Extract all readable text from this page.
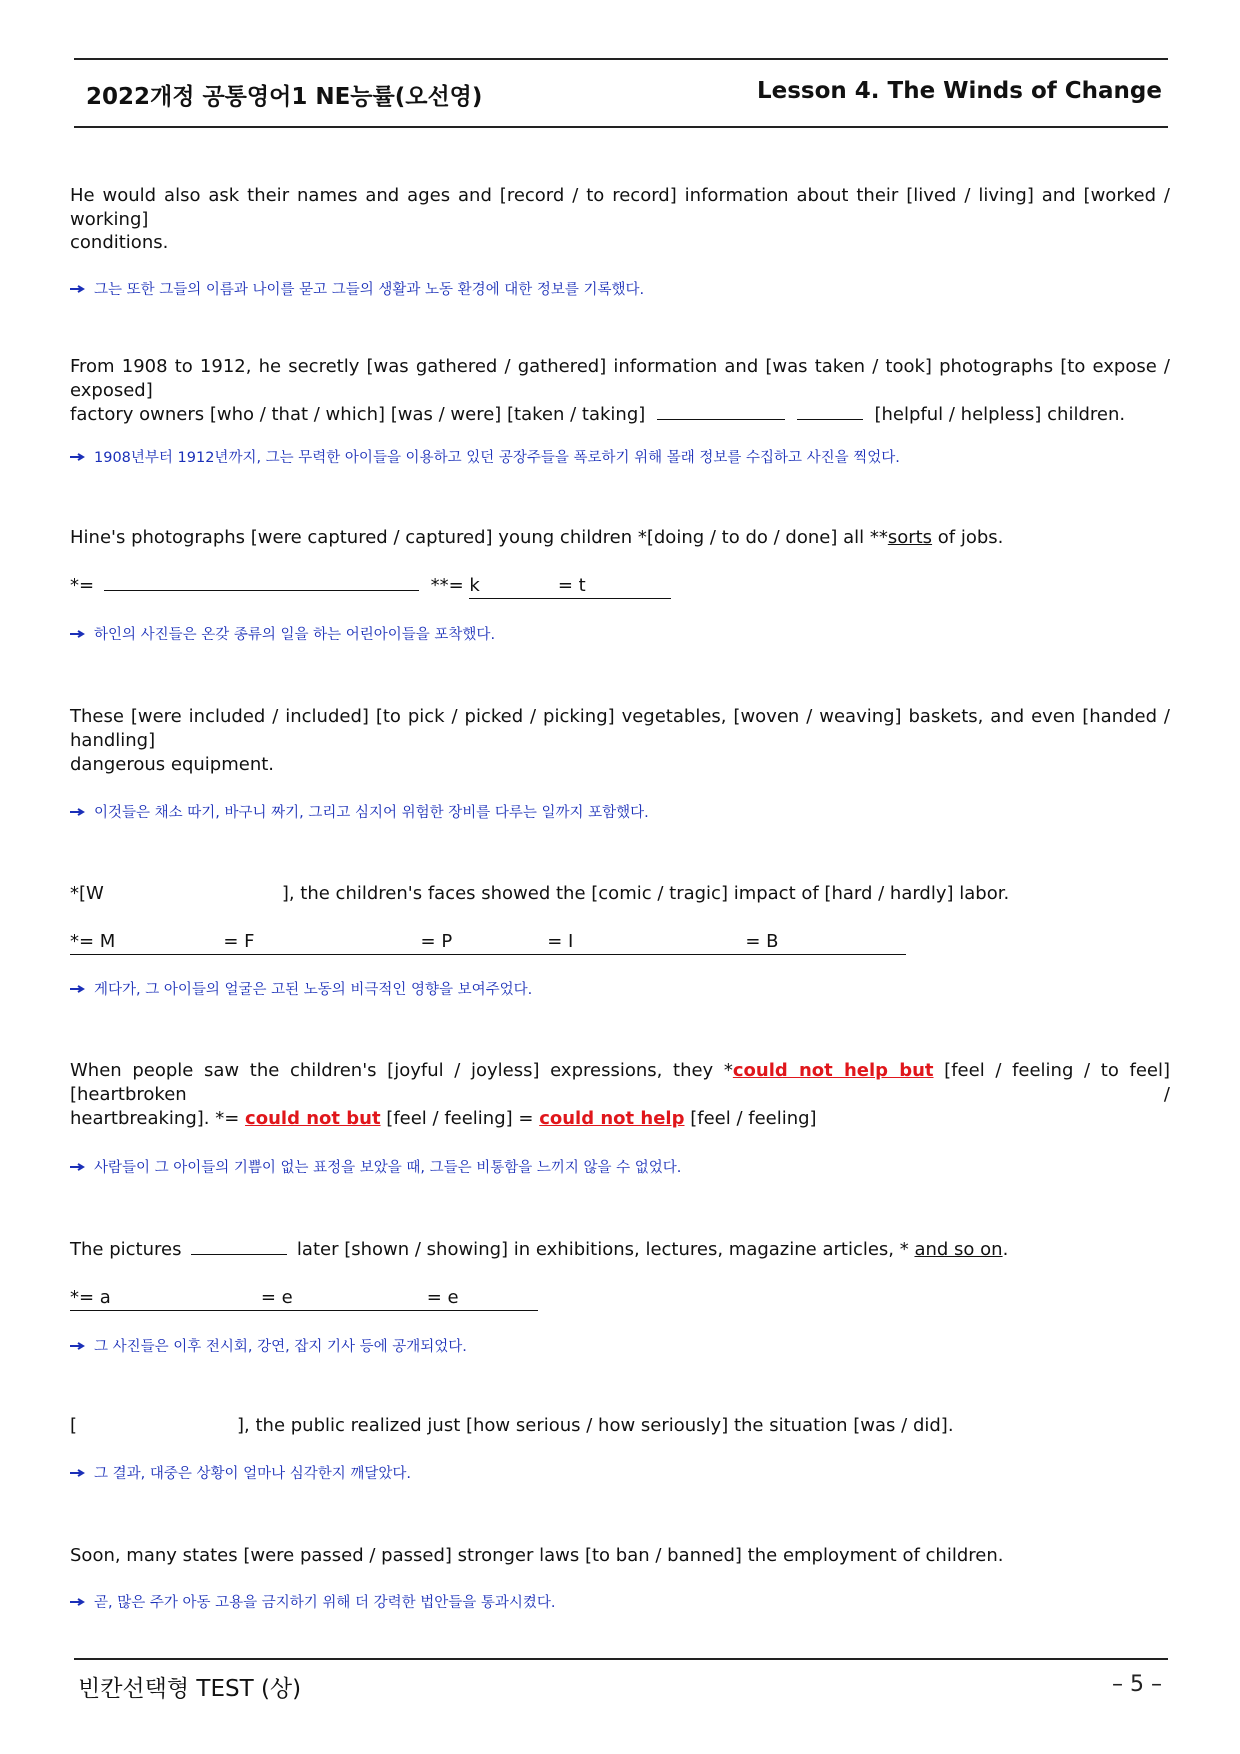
2022개정 공통영어1 NE능률(오선영)	Lesson 4. The Winds of Change
He would also ask their names and ages and [record / to record] information about their [lived / living] and [worked / working]
conditions.
그는 또한 그들의 이름과 나이를 묻고 그들의 생활과 노동 환경에 대한 정보를 기록했다.
From 1908 to 1912, he secretly [was gathered / gathered] information and [was taken / took] photographs [to expose / exposed]
factory owners [who / that / which] [was / were] [taken / taking]	[helpful / helpless] children.
1908년부터 1912년까지, 그는 무력한 아이들을 이용하고 있던 공장주들을 폭로하기 위해 몰래 정보를 수집하고 사진을 찍었다.
Hine's photographs [were captured / captured] young children *[doing / to do / done] all **sorts of jobs.
*=	**= k	= t
하인의 사진들은 온갖 종류의 일을 하는 어린아이들을 포착했다.
These [were included / included] [to pick / picked / picking] vegetables, [woven / weaving] baskets, and even [handed / handling]
dangerous equipment.
이것들은 채소 따기, 바구니 짜기, 그리고 심지어 위험한 장비를 다루는 일까지 포함했다.
*[W	], the children's faces showed the [comic / tragic] impact of [hard / hardly] labor.
*= M	= F	= P	= I	= B
게다가, 그 아이들의 얼굴은 고된 노동의 비극적인 영향을 보여주었다.
When people saw the children's [joyful / joyless] expressions, they *could not help but [feel / feeling / to feel] [heartbroken /
heartbreaking]. *= could not but [feel / feeling] = could not help [feel / feeling]
사람들이 그 아이들의 기쁨이 없는 표정을 보았을 때, 그들은 비통함을 느끼지 않을 수 없었다.
The pictures	later [shown / showing] in exhibitions, lectures, magazine articles, * and so on.
*= a	= e	= e
그 사진들은 이후 전시회, 강연, 잡지 기사 등에 공개되었다.
[	], the public realized just [how serious / how seriously] the situation [was / did].
그 결과, 대중은 상황이 얼마나 심각한지 깨달았다.
Soon, many states [were passed / passed] stronger laws [to ban / banned] the employment of children.
곧, 많은 주가 아동 고용을 금지하기 위해 더 강력한 법안들을 통과시켰다.
빈칸선택형 TEST (상)	– 5 –
